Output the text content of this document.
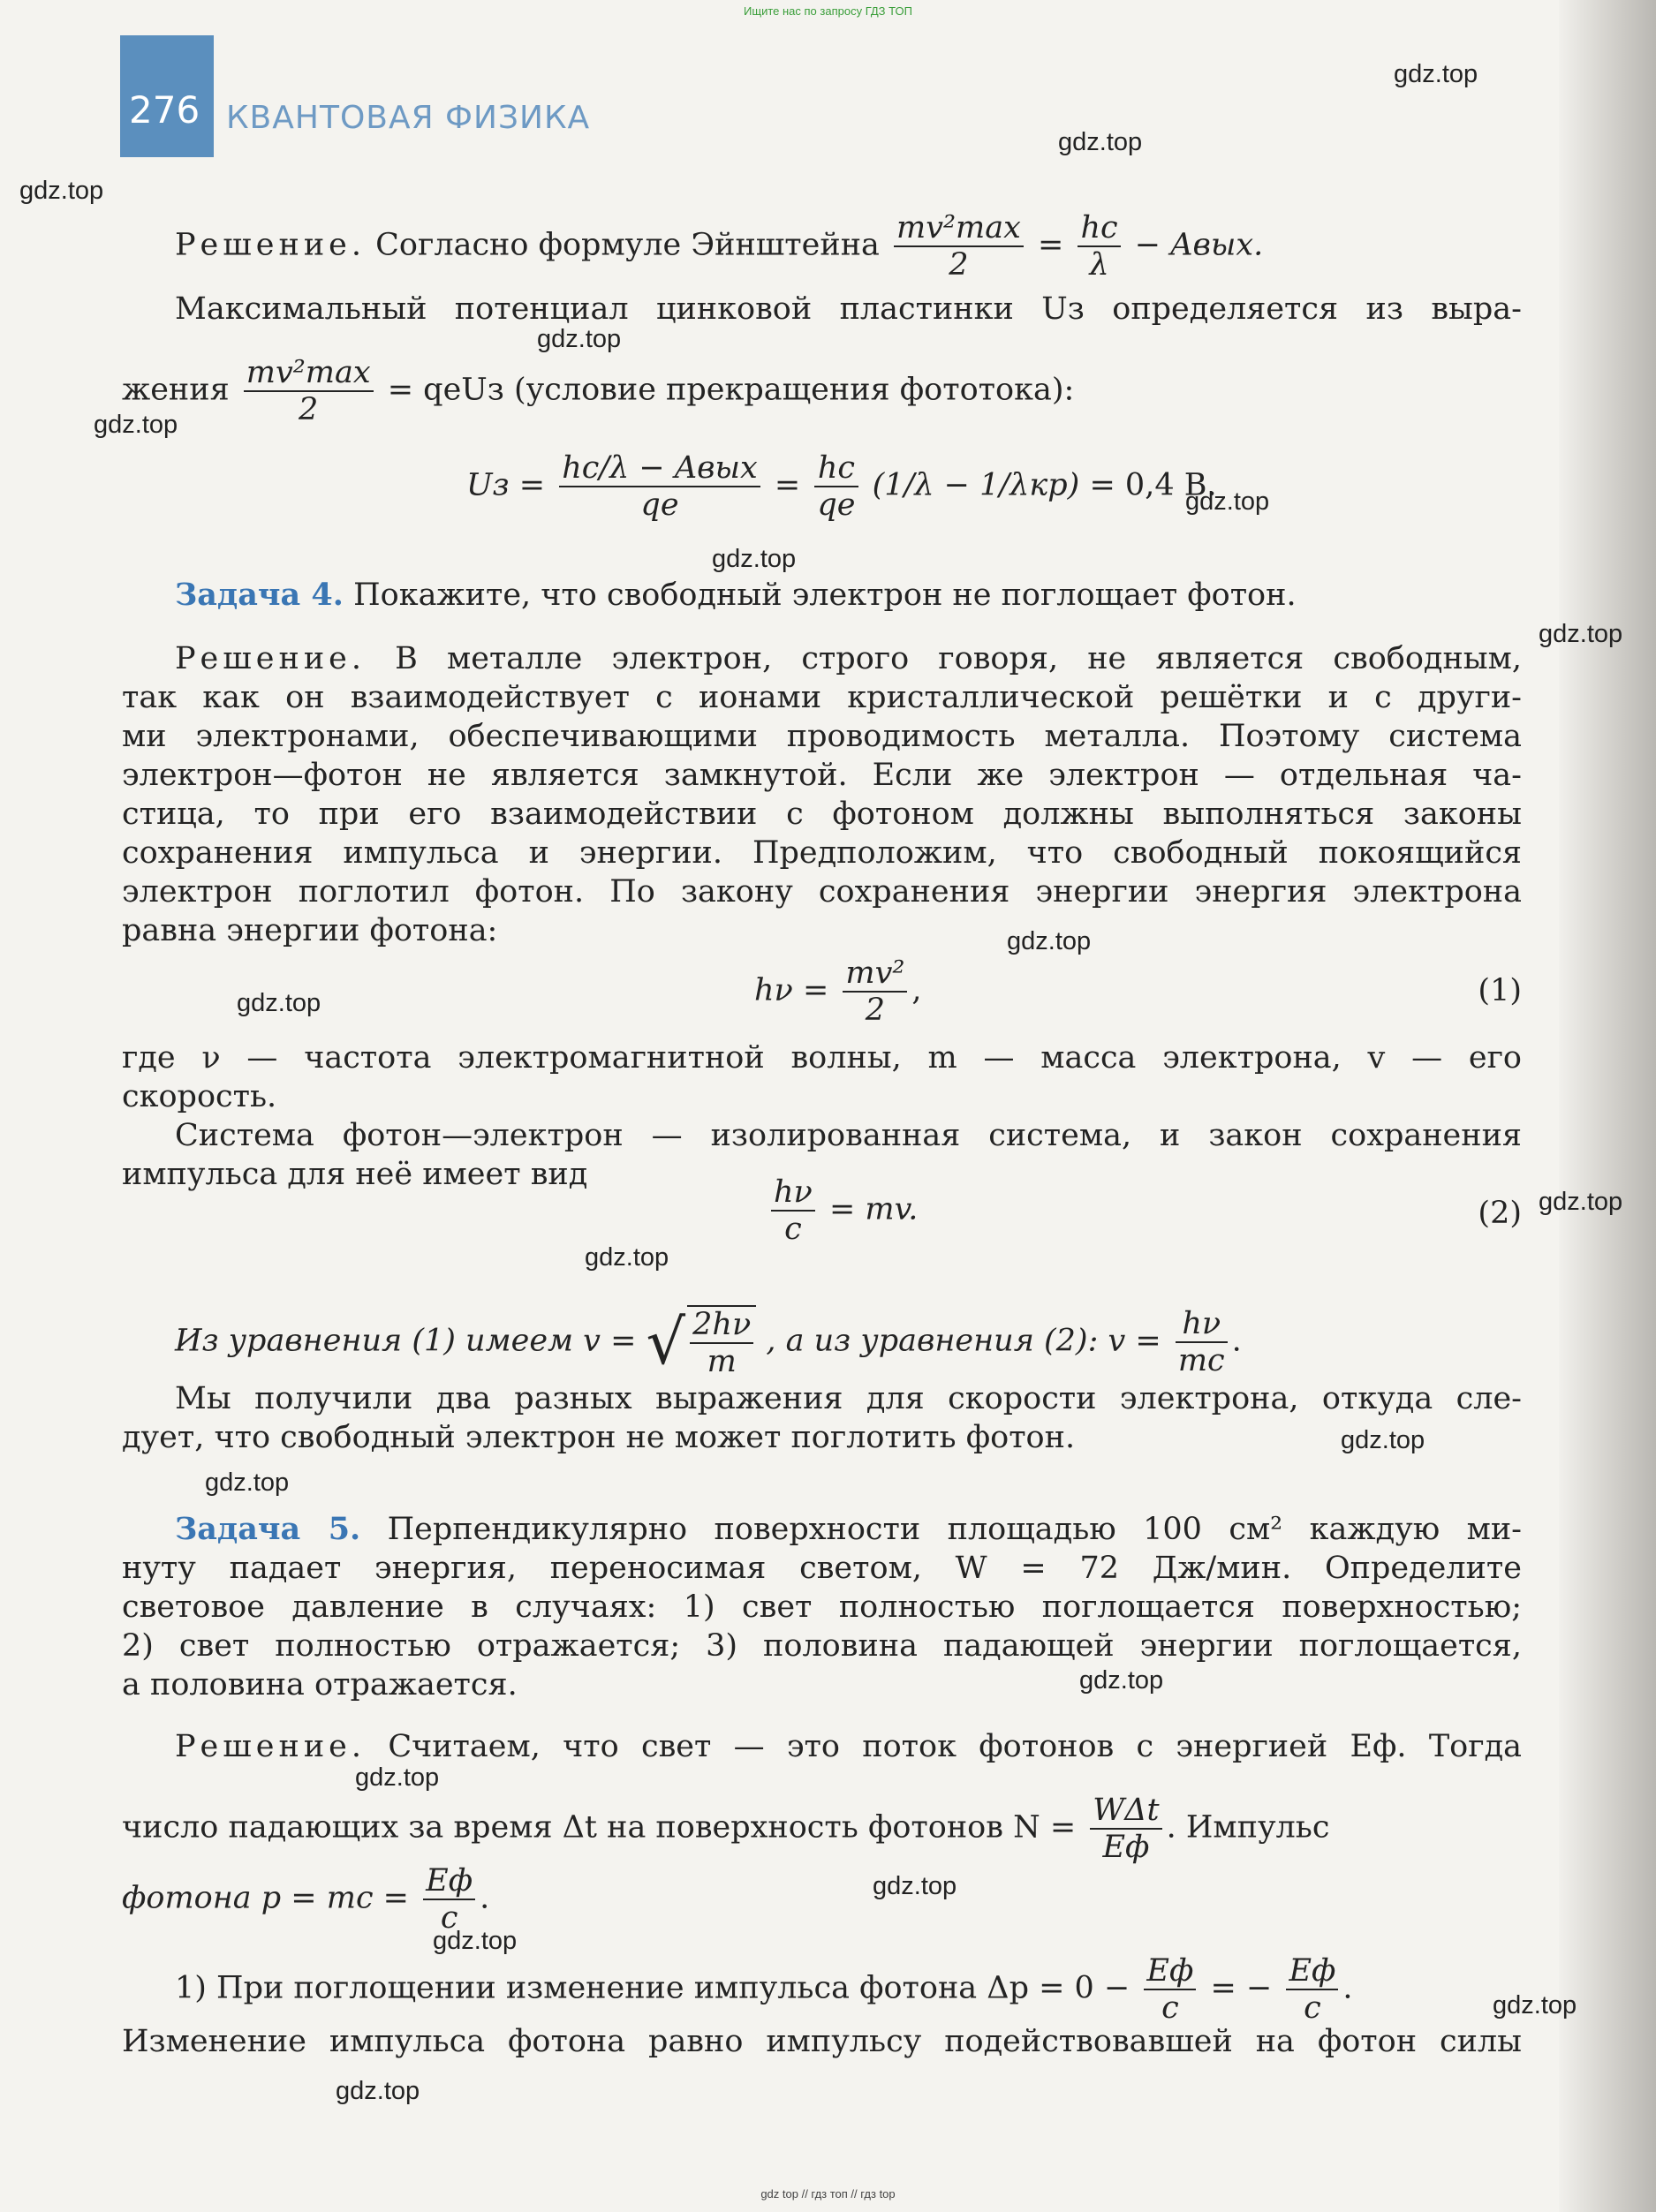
Ищите нас по запросу ГДЗ ТОП
276 КВАНТОВАЯ ФИЗИКА
gdz.top
gdz.top
gdz.top
gdz.top
gdz.top
gdz.top
gdz.top
gdz.top
gdz.top
gdz.top
gdz.top
gdz.top
gdz.top
gdz.top
gdz.top
gdz.top
gdz.top
gdz.top
gdz.top
gdz.top
Решение. Согласно формуле Эйнштейна $\frac{\text{mv²max}}{2} = \frac{hc}{\lambda}$ − Aвых.
Максимальный потенциал цинковой пластинки Uз определяется из выра-
жения $\frac{\text{mv²max}}{2}$ = qeUз (условие прекращения фототока):
Uз = $\frac{\text{hc/λ − Aвых}}{qe} = \frac{hc}{qe} (1/\lambda - 1/\lambda кр) = 0,4$ В.
Задача 4. Покажите, что свободный электрон не поглощает фотон.
Решение. В металле электрон, строго говоря, не является свободным,
так как он взаимодействует с ионами кристаллической решётки и с други-
ми электронами, обеспечивающими проводимость металла. Поэтому система
электрон—фотон не является замкнутой. Если же электрон — отдельная ча-
стица, то при его взаимодействии с фотоном должны выполняться законы
сохранения импульса и энергии. Предположим, что свободный покоящийся
электрон поглотил фотон. По закону сохранения энергии энергия электрона
равна энергии фотона:
$h\nu = \frac{\text{mv²}}{2}$ ,	(1)
где ν — частота электромагнитной волны, m — масса электрона, v — его
скорость.
Система фотон—электрон — изолированная система, и закон сохранения
импульса для неё имеет вид	$\frac{h\nu}{c}$ = mv.	(2)
Из уравнения (1) имеем v = √ $\frac{2h\nu}{m}$ , а из уравнения (2): $v = \frac{h\nu}{mc}$ .
Мы получили два разных выражения для скорости электрона, откуда сле-
дует, что свободный электрон не может поглотить фотон.
Задача 5. Перпендикулярно поверхности площадью 100 см² каждую ми-
нуту падает энергия, переносимая светом, W = 72 Дж/мин. Определите
световое давление в случаях: 1) свет полностью поглощается поверхностью;
2) свет полностью отражается; 3) половина падающей энергии поглощается,
а половина отражается.
Решение. Считаем, что свет — это поток фотонов с энергией Eф. Тогда
число падающих за время Δt на поверхность фотонов $N = \frac{\text{WΔt}}{Eф}$ . Импульс
фотона p = mc = $\frac{Eф}{c}$ .
1) При поглощении изменение импульса фотона $\Delta p = 0 - \frac{Eф}{c}$ = − $\frac{Eф}{c}$ .
Изменение импульса фотона равно импульсу подействовавшей на фотон силы
gdz top // гдз топ // гдз top
